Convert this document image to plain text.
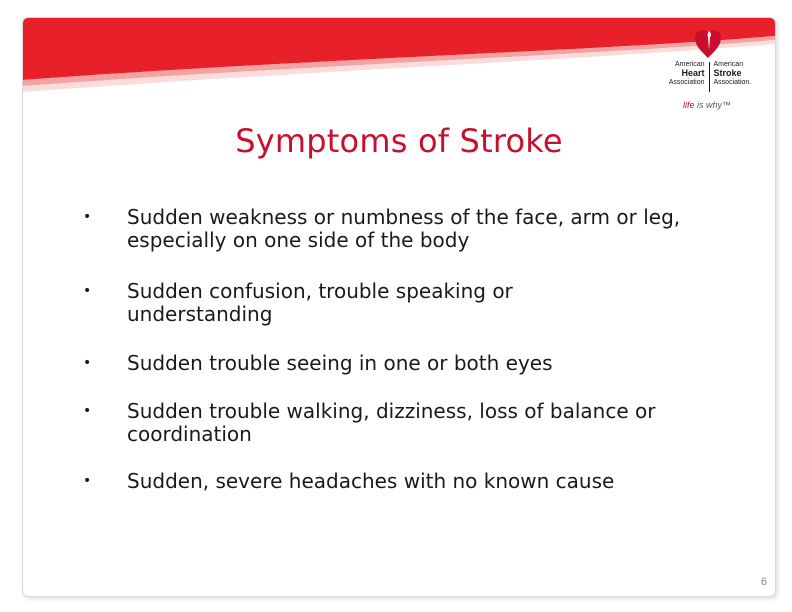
American
Heart
Association
American
Stroke
Association.
life is why™
Symptoms of Stroke
• Sudden weakness or numbness of the face, arm or leg, especially on one side of the body
• Sudden confusion, trouble speaking or understanding
• Sudden trouble seeing in one or both eyes
• Sudden trouble walking, dizziness, loss of balance or coordination
• Sudden, severe headaches with no known cause
6
